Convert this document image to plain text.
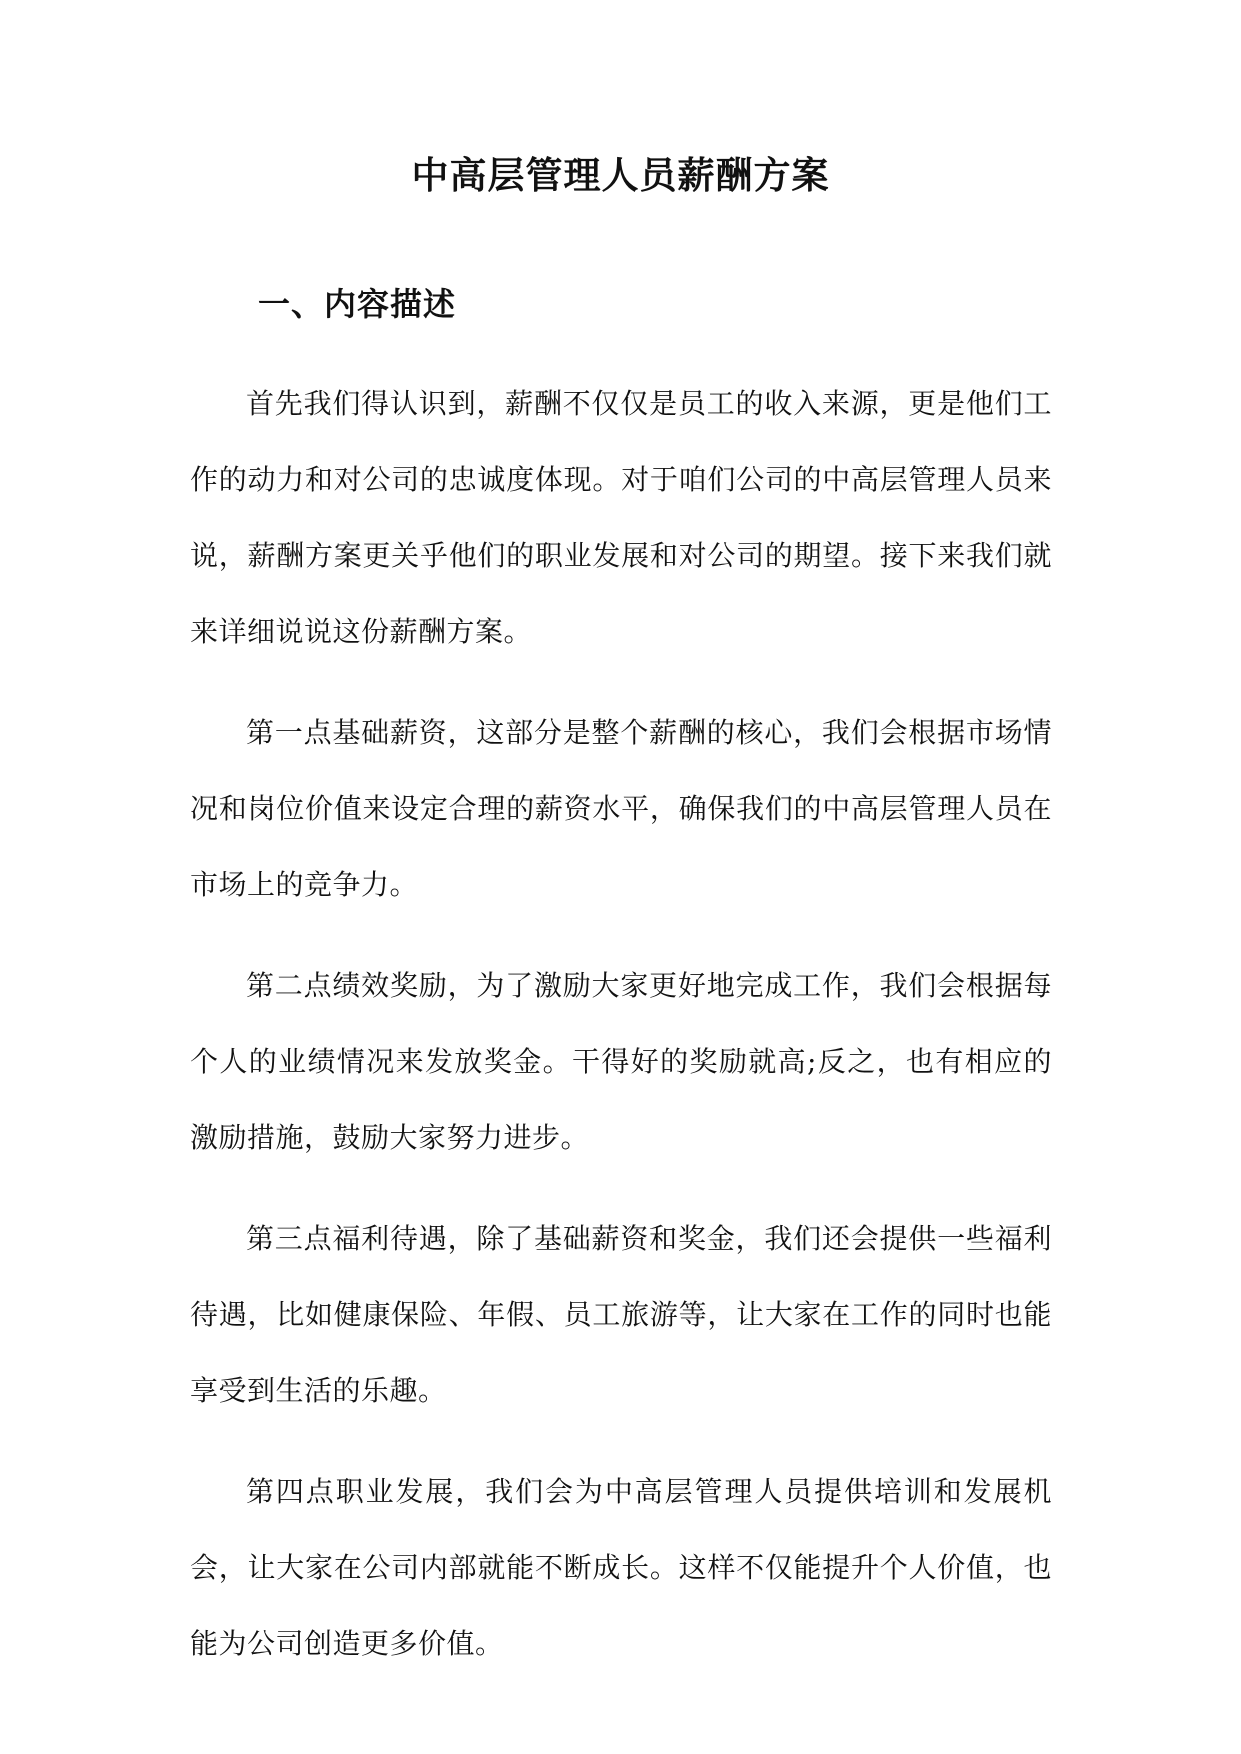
中高层管理人员薪酬方案
一、内容描述

首先我们得认识到，薪酬不仅仅是员工的收入来源，更是他们工作的动力和对公司的忠诚度体现。对于咱们公司的中高层管理人员来说，薪酬方案更关乎他们的职业发展和对公司的期望。接下来我们就来详细说说这份薪酬方案。

第一点基础薪资，这部分是整个薪酬的核心，我们会根据市场情况和岗位价值来设定合理的薪资水平，确保我们的中高层管理人员在市场上的竞争力。

第二点绩效奖励，为了激励大家更好地完成工作，我们会根据每个人的业绩情况来发放奖金。干得好的奖励就高;反之，也有相应的激励措施，鼓励大家努力进步。

第三点福利待遇，除了基础薪资和奖金，我们还会提供一些福利待遇，比如健康保险、年假、员工旅游等，让大家在工作的同时也能享受到生活的乐趣。

第四点职业发展，我们会为中高层管理人员提供培训和发展机会，让大家在公司内部就能不断成长。这样不仅能提升个人价值，也能为公司创造更多价值。
